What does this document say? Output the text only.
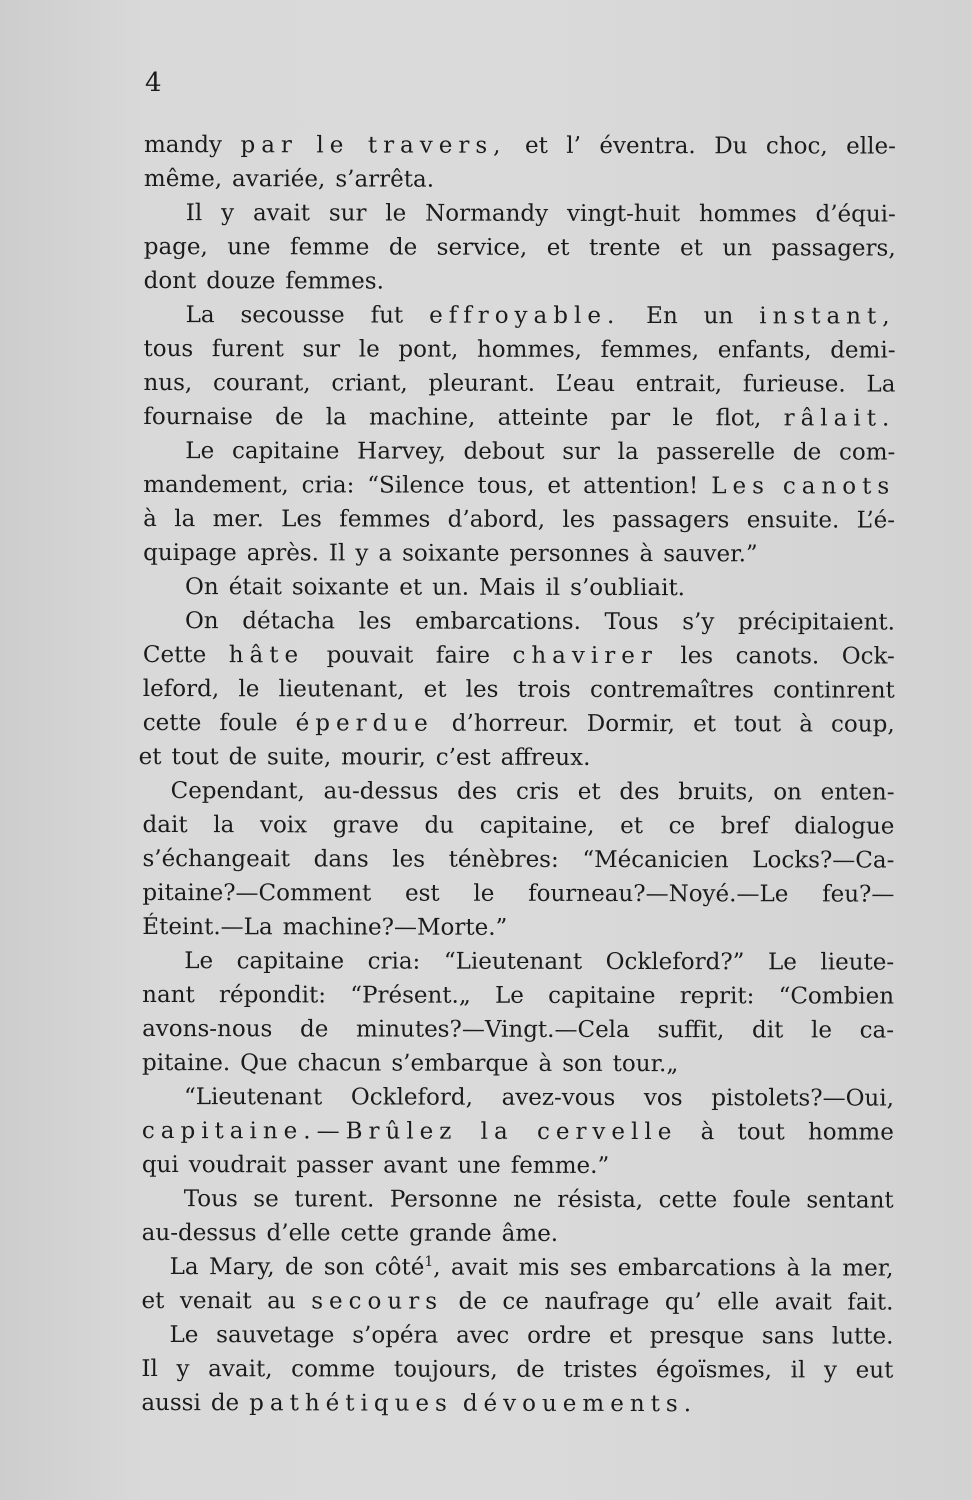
4
mandy par le travers, et l’ éventra. Du choc, elle-
même, avariée, s’arrêta.
Il y avait sur le Normandy vingt-huit hommes d’équi-
page, une femme de service, et trente et un passagers,
dont douze femmes.
La secousse fut effroyable. En un instant,
tous furent sur le pont, hommes, femmes, enfants, demi-
nus, courant, criant, pleurant. L’eau entrait, furieuse. La
fournaise de la machine, atteinte par le flot, râlait.
Le capitaine Harvey, debout sur la passerelle de com-
mandement, cria: “Silence tous, et attention! Les canots
à la mer. Les femmes d’abord, les passagers ensuite. L’é-
quipage après. Il y a soixante personnes à sauver.”
On était soixante et un. Mais il s’oubliait.
On détacha les embarcations. Tous s’y précipitaient.
Cette hâte pouvait faire chavirer les canots. Ock-
leford, le lieutenant, et les trois contremaîtres continrent
cette foule éperdue d’horreur. Dormir, et tout à coup,
et tout de suite, mourir, c’est affreux.
Cependant, au-dessus des cris et des bruits, on enten-
dait la voix grave du capitaine, et ce bref dialogue
s’échangeait dans les ténèbres: “Mécanicien Locks?—Ca-
pitaine?—Comment est le fourneau?—Noyé.—Le feu?—
Éteint.—La machine?—Morte.”
Le capitaine cria: “Lieutenant Ockleford?” Le lieute-
nant répondit: “Présent.„ Le capitaine reprit: “Combien
avons-nous de minutes?—Vingt.—Cela suffit, dit le ca-
pitaine. Que chacun s’embarque à son tour.„
“Lieutenant Ockleford, avez-vous vos pistolets?—Oui,
capitaine.—Brûlez la cervelle à tout homme
qui voudrait passer avant une femme.”
Tous se turent. Personne ne résista, cette foule sentant
au-dessus d’elle cette grande âme.
La Mary, de son côté$^1$, avait mis ses embarcations à la mer,
et venait au secours de ce naufrage qu’ elle avait fait.
Le sauvetage s’opéra avec ordre et presque sans lutte.
Il y avait, comme toujours, de tristes égoïsmes, il y eut
aussi de pathétiques dévouements.
